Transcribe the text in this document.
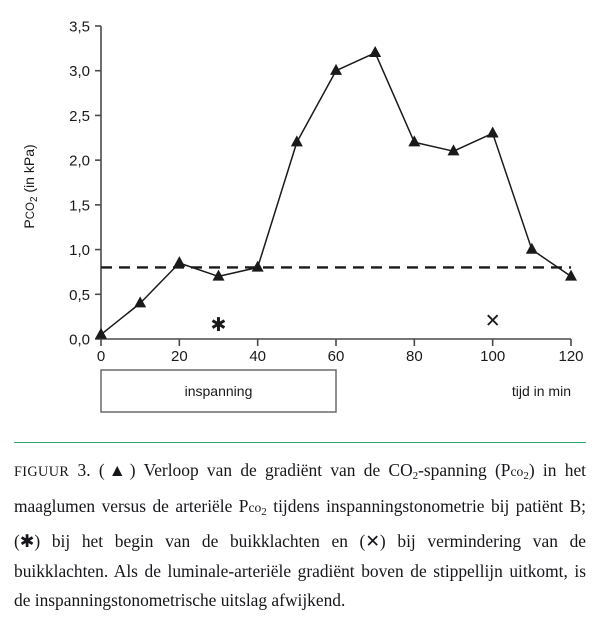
0,0
0,5
1,0
1,5
2,0
2,5
3,0
3,5
0	20	40	60	80	100	120
$PCO_2$ (in kPa)
✱	✕
inspanning	tijd in min
FIGUUR 3. (▲) Verloop van de gradiënt van de $CO_2$-spanning (Pco$_2$) in het maaglumen versus de arteriële Pco$_2$ tijdens inspanningstonometrie bij patiënt B; (✱) bij het begin van de buikklachten en (✕) bij vermindering van de buikklachten. Als de luminale-arteriële gradiënt boven de stippellijn uitkomt, is de inspanningstonometrische uitslag afwijkend.
